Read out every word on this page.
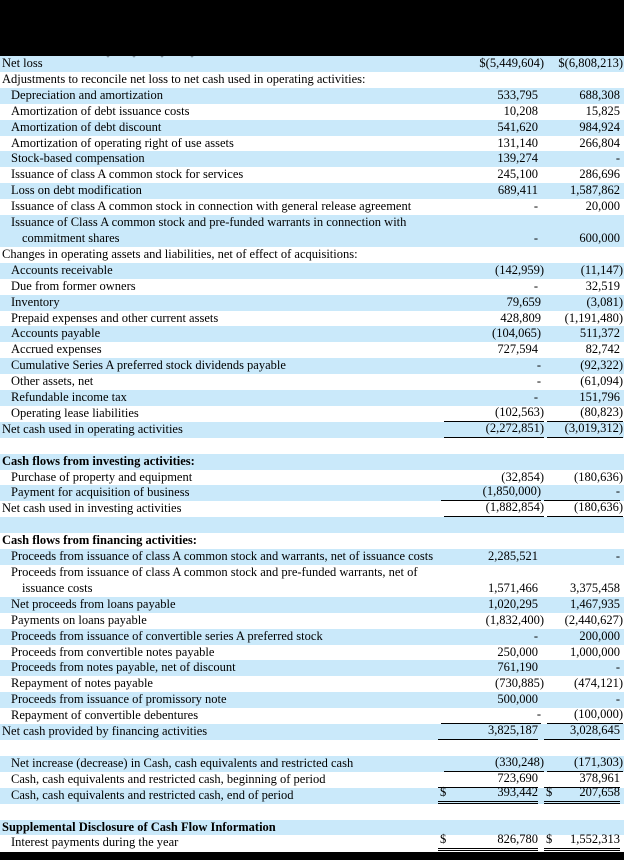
Net loss	$(5,449,604)	$(6,808,213)
Adjustments to reconcile net loss to net cash used in operating activities:
Depreciation and amortization	533,795	688,308
Amortization of debt issuance costs	10,208	15,825
Amortization of debt discount	541,620	984,924
Amortization of operating right of use assets	131,140	266,804
Stock-based compensation	139,274	-
Issuance of class A common stock for services	245,100	286,696
Loss on debt modification	689,411	1,587,862
Issuance of class A common stock in connection with general release agreement	-	20,000
Issuance of Class A common stock and pre-funded warrants in connection with
commitment shares	-	600,000
Changes in operating assets and liabilities, net of effect of acquisitions:
Accounts receivable	(142,959)	(11,147)
Due from former owners	-	32,519
Inventory	79,659	(3,081)
Prepaid expenses and other current assets	428,809	(1,191,480)
Accounts payable	(104,065)	511,372
Accrued expenses	727,594	82,742
Cumulative Series A preferred stock dividends payable	-	(92,322)
Other assets, net	-	(61,094)
Refundable income tax	-	151,796
Operating lease liabilities	(102,563)	(80,823)
Net cash used in operating activities	(2,272,851)	(3,019,312)
Cash flows from investing activities:
Purchase of property and equipment	(32,854)	(180,636)
Payment for acquisition of business	(1,850,000)	-
Net cash used in investing activities	(1,882,854)	(180,636)
Cash flows from financing activities:
Proceeds from issuance of class A common stock and warrants, net of issuance costs	2,285,521	-
Proceeds from issuance of class A common stock and pre-funded warrants, net of
issuance costs	1,571,466	3,375,458
Net proceeds from loans payable	1,020,295	1,467,935
Payments on loans payable	(1,832,400)	(2,440,627)
Proceeds from issuance of convertible series A preferred stock	-	200,000
Proceeds from convertible notes payable	250,000	1,000,000
Proceeds from notes payable, net of discount	761,190	-
Repayment of notes payable	(730,885)	(474,121)
Proceeds from issuance of promissory note	500,000	-
Repayment of convertible debentures	-	(100,000)
Net cash provided by financing activities	3,825,187	3,028,645
Net increase (decrease) in Cash, cash equivalents and restricted cash	(330,248)	(171,303)
Cash, cash equivalents and restricted cash, beginning of period	723,690	378,961
Cash, cash equivalents and restricted cash, end of period	$	393,442 $ 207,658
Supplemental Disclosure of Cash Flow Information
Interest payments during the year	$	826,780 $ 1,552,313
